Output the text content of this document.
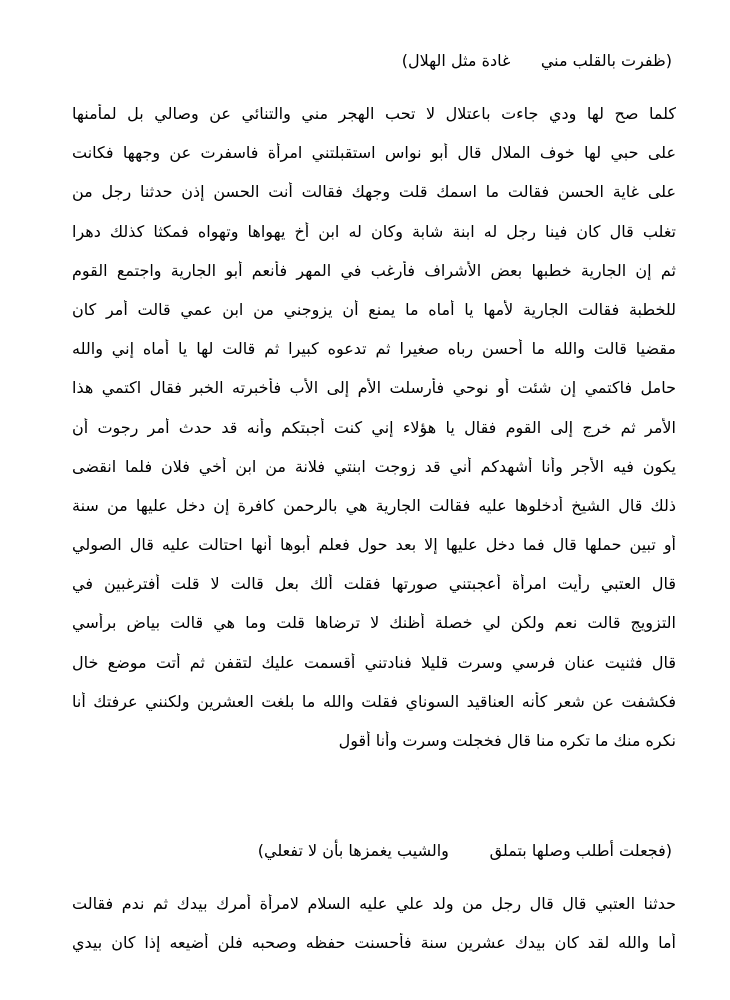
(ظفرت بالقلب مني      غادة مثل الهلال)
كلما صح لها ودي جاءت باعتلال لا تحب الهجر مني والتنائي عن وصالي بل لمأمنها
على حبي لها خوف الملال قال أبو نواس استقبلتني امرأة فاسفرت عن وجهها فكانت
على غاية الحسن فقالت ما اسمك قلت وجهك فقالت أنت الحسن إذن حدثنا رجل من
تغلب قال كان فينا رجل له ابنة شابة وكان له ابن أخ يهواها وتهواه فمكثا كذلك دهرا
ثم إن الجارية خطبها بعض الأشراف فأرغب في المهر فأنعم أبو الجارية واجتمع القوم
للخطبة فقالت الجارية لأمها يا أماه ما يمنع أن يزوجني من ابن عمي قالت أمر كان
مقضيا قالت والله ما أحسن رباه صغيرا ثم تدعوه كبيرا ثم قالت لها يا أماه إني والله
حامل فاكتمي إن شئت أو نوحي فأرسلت الأم إلى الأب فأخبرته الخبر فقال اكتمي هذا
الأمر ثم خرج إلى القوم فقال يا هؤلاء إني كنت أجبتكم وأنه قد حدث أمر رجوت أن
يكون فيه الأجر وأنا أشهدكم أني قد زوجت ابنتي فلانة من ابن أخي فلان فلما انقضى
ذلك قال الشيخ أدخلوها عليه فقالت الجارية هي بالرحمن كافرة إن دخل عليها من سنة
أو تبين حملها قال فما دخل عليها إلا بعد حول فعلم أبوها أنها احتالت عليه قال الصولي
قال العتبي رأيت امرأة أعجبتني صورتها فقلت ألك بعل قالت لا قلت أفترغبين في
التزويج قالت نعم ولكن لي خصلة أظنك لا ترضاها قلت وما هي قالت بياض برأسي
قال فثنيت عنان فرسي وسرت قليلا فنادتني أقسمت عليك لتقفن ثم أتت موضع خال
فكشفت عن شعر كأنه العناقيد السوناي فقلت والله ما بلغت العشرين ولكنني عرفتك أنا
نكره منك ما تكره منا قال فخجلت وسرت وأنا أقول
(فجعلت أطلب وصلها بتملق        والشيب يغمزها بأن لا تفعلي)
حدثنا العتبي قال قال رجل من ولد علي عليه السلام لامرأة أمرك بيدك ثم ندم فقالت
أما والله لقد كان بيدك عشرين سنة فأحسنت حفظه وصحبه فلن أضيعه إذا كان بيدي
